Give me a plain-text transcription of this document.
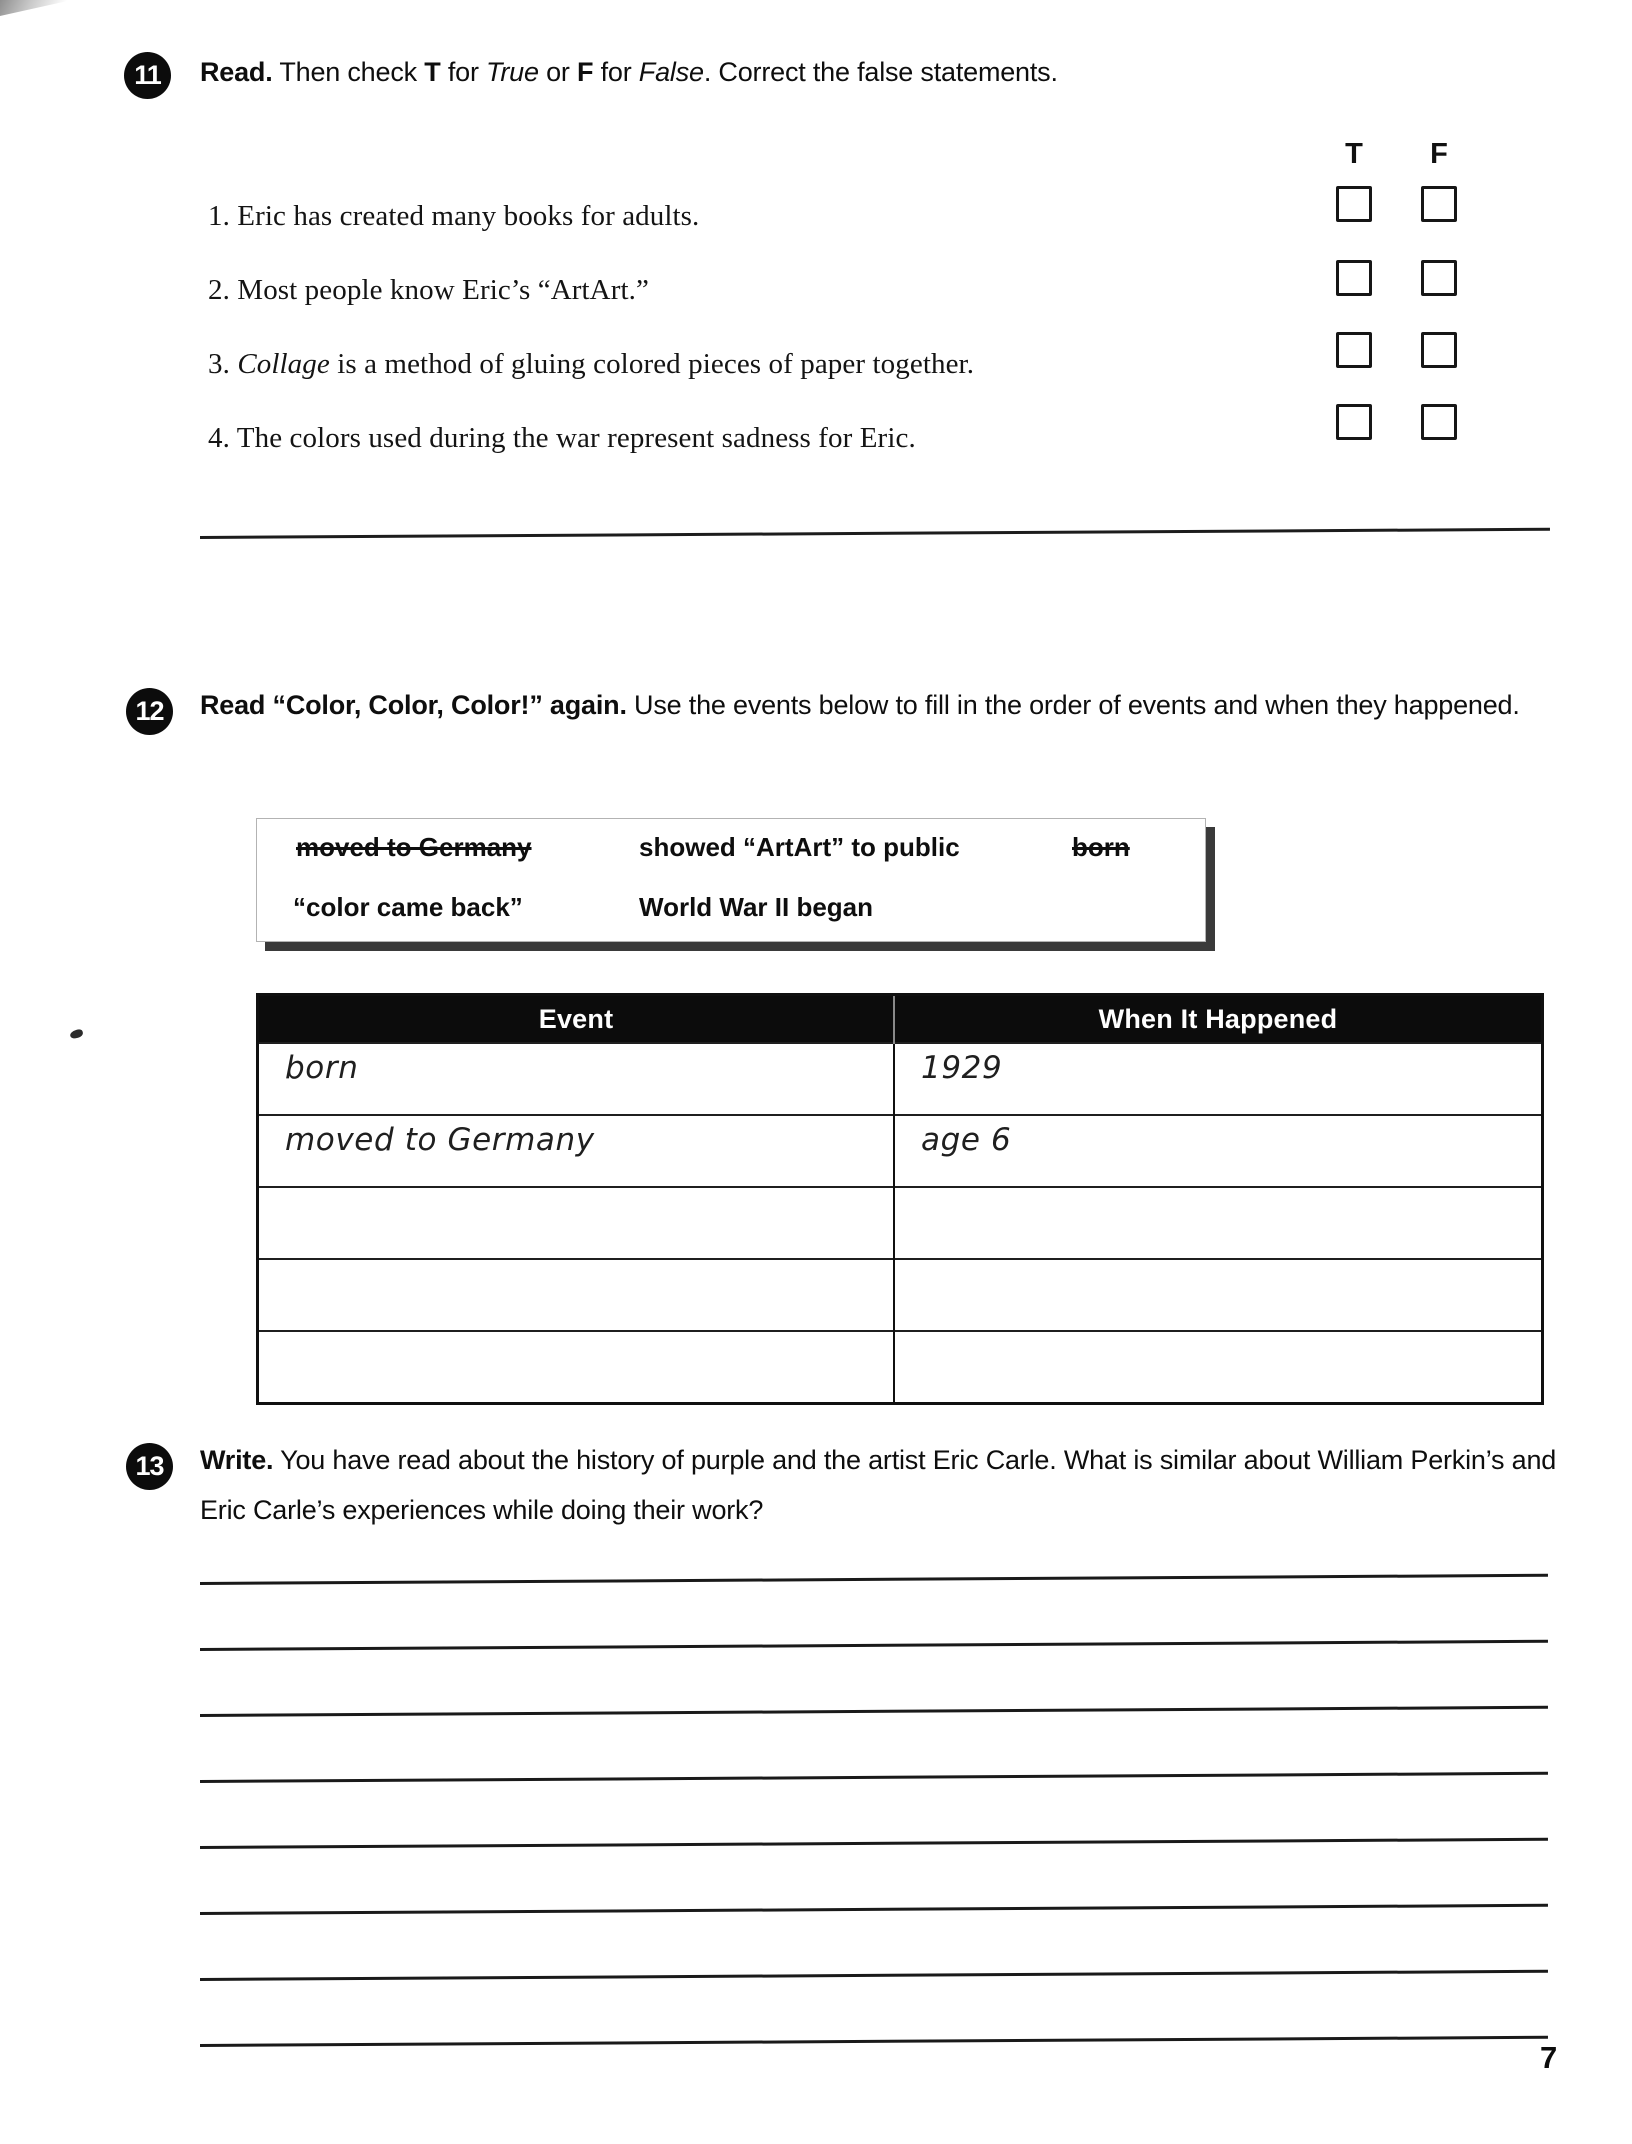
11	Read. Then check T for True or F for False. Correct the false statements.

T	F
1. Eric has created many books for adults.
2. Most people know Eric’s “ArtArt.”
3. Collage is a method of gluing colored pieces of paper together.
4. The colors used during the war represent sadness for Eric.
12	Read “Color, Color, Color!” again. Use the events below to fill in the order of events and when they happened.

moved to Germany	showed “ArtArt” to public	born
“color came back”	World War II began
Event	When It Happened
born	1929
moved to Germany	age 6

13	Write. You have read about the history of purple and the artist Eric Carle. What is similar about William Perkin’s and Eric Carle’s experiences while doing their work?

7
